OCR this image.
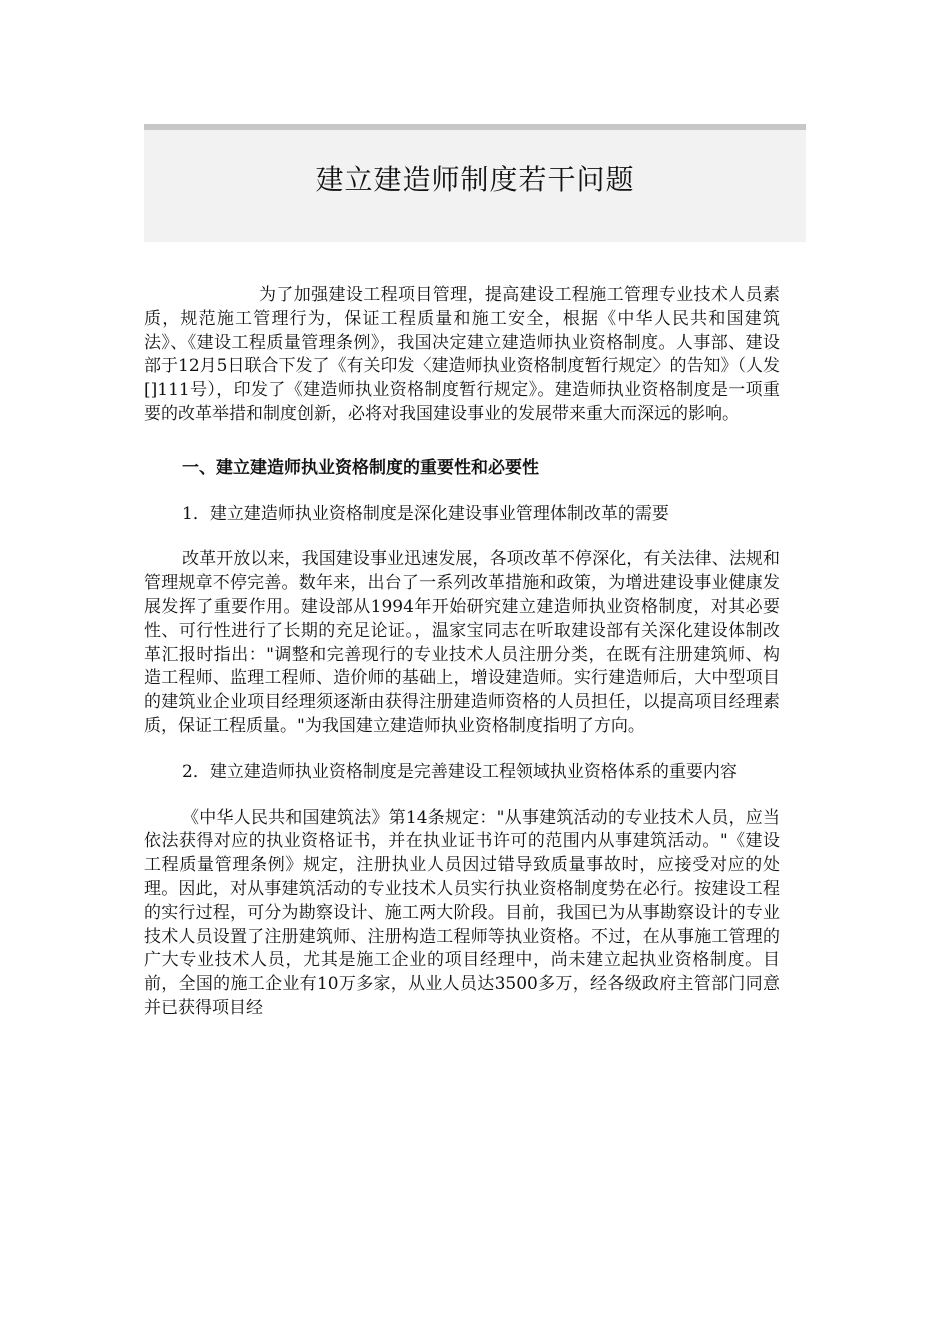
建立建造师制度若干问题

为了加强建设工程项目管理，提高建设工程施工管理专业技术人员素质，规范施工管理行为，保证工程质量和施工安全，根据《中华人民共和国建筑法》、《建设工程质量管理条例》，我国决定建立建造师执业资格制度。人事部、建设部于12月5日联合下发了《有关印发〈建造师执业资格制度暂行规定〉的告知》（人发[]111号），印发了《建造师执业资格制度暂行规定》。建造师执业资格制度是一项重要的改革举措和制度创新，必将对我国建设事业的发展带来重大而深远的影响。

一、建立建造师执业资格制度的重要性和必要性

1．建立建造师执业资格制度是深化建设事业管理体制改革的需要

改革开放以来，我国建设事业迅速发展，各项改革不停深化，有关法律、法规和管理规章不停完善。数年来，出台了一系列改革措施和政策，为增进建设事业健康发展发挥了重要作用。建设部从1994年开始研究建立建造师执业资格制度，对其必要性、可行性进行了长期的充足论证。，温家宝同志在听取建设部有关深化建设体制改革汇报时指出："调整和完善现行的专业技术人员注册分类，在既有注册建筑师、构造工程师、监理工程师、造价师的基础上，增设建造师。实行建造师后，大中型项目的建筑业企业项目经理须逐渐由获得注册建造师资格的人员担任，以提高项目经理素质，保证工程质量。"为我国建立建造师执业资格制度指明了方向。

2．建立建造师执业资格制度是完善建设工程领域执业资格体系的重要内容

《中华人民共和国建筑法》第14条规定："从事建筑活动的专业技术人员，应当依法获得对应的执业资格证书，并在执业证书许可的范围内从事建筑活动。"《建设工程质量管理条例》规定，注册执业人员因过错导致质量事故时，应接受对应的处理。因此，对从事建筑活动的专业技术人员实行执业资格制度势在必行。按建设工程的实行过程，可分为勘察设计、施工两大阶段。目前，我国已为从事勘察设计的专业技术人员设置了注册建筑师、注册构造工程师等执业资格。不过，在从事施工管理的广大专业技术人员，尤其是施工企业的项目经理中，尚未建立起执业资格制度。目前，全国的施工企业有10万多家，从业人员达3500多万，经各级政府主管部门同意并已获得项目经
